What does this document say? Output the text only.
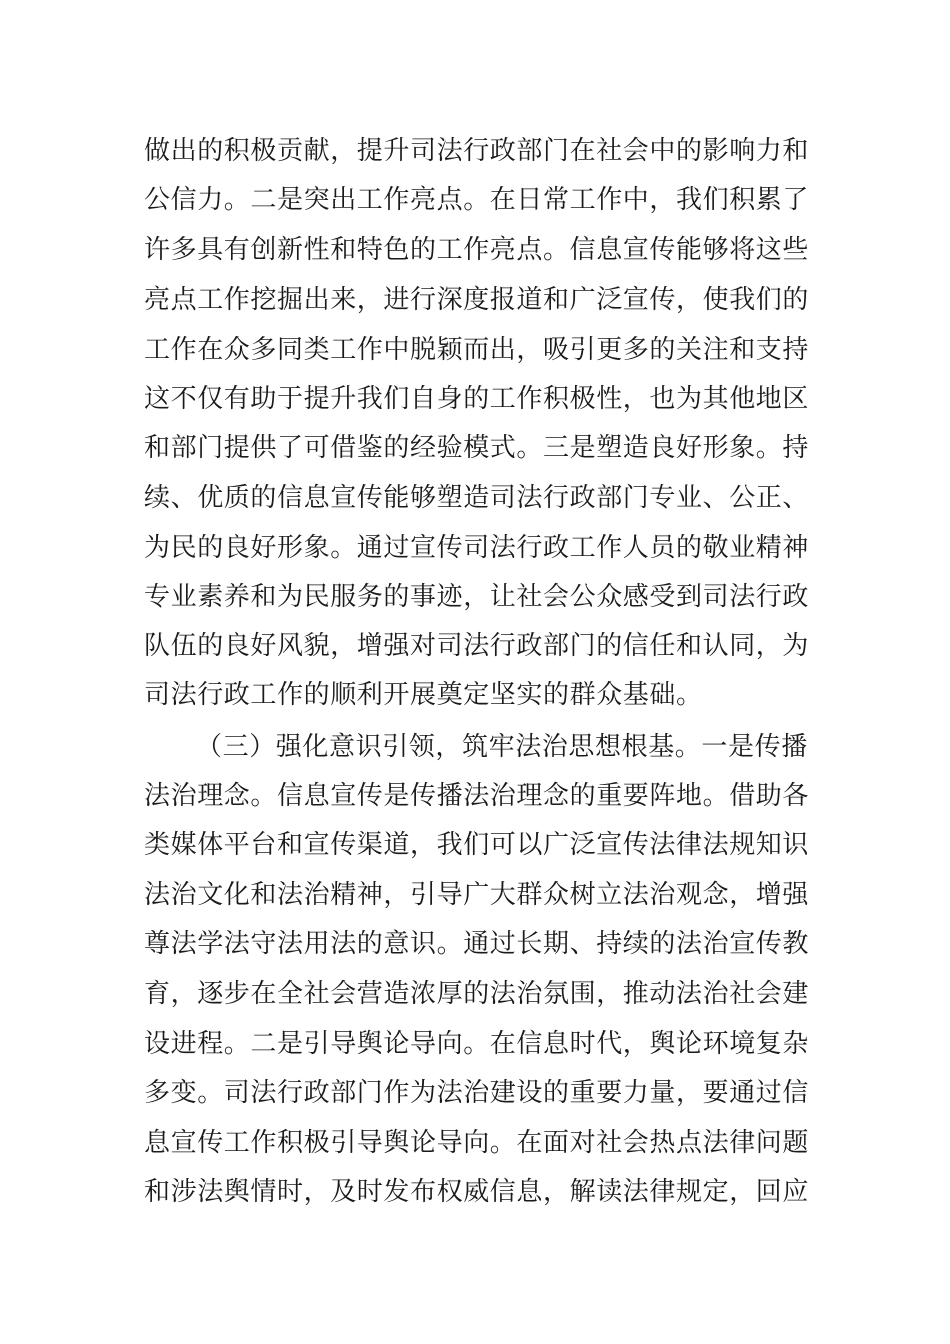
做出的积极贡献，提升司法行政部门在社会中的影响力和
公信力。二是突出工作亮点。在日常工作中，我们积累了
许多具有创新性和特色的工作亮点。信息宣传能够将这些
亮点工作挖掘出来，进行深度报道和广泛宣传，使我们的
工作在众多同类工作中脱颖而出，吸引更多的关注和支持
这不仅有助于提升我们自身的工作积极性，也为其他地区
和部门提供了可借鉴的经验模式。三是塑造良好形象。持
续、优质的信息宣传能够塑造司法行政部门专业、公正、
为民的良好形象。通过宣传司法行政工作人员的敬业精神
专业素养和为民服务的事迹，让社会公众感受到司法行政
队伍的良好风貌，增强对司法行政部门的信任和认同，为
司法行政工作的顺利开展奠定坚实的群众基础。
（三）强化意识引领，筑牢法治思想根基。一是传播
法治理念。信息宣传是传播法治理念的重要阵地。借助各
类媒体平台和宣传渠道，我们可以广泛宣传法律法规知识
法治文化和法治精神，引导广大群众树立法治观念，增强
尊法学法守法用法的意识。通过长期、持续的法治宣传教
育，逐步在全社会营造浓厚的法治氛围，推动法治社会建
设进程。二是引导舆论导向。在信息时代，舆论环境复杂
多变。司法行政部门作为法治建设的重要力量，要通过信
息宣传工作积极引导舆论导向。在面对社会热点法律问题
和涉法舆情时，及时发布权威信息，解读法律规定，回应
